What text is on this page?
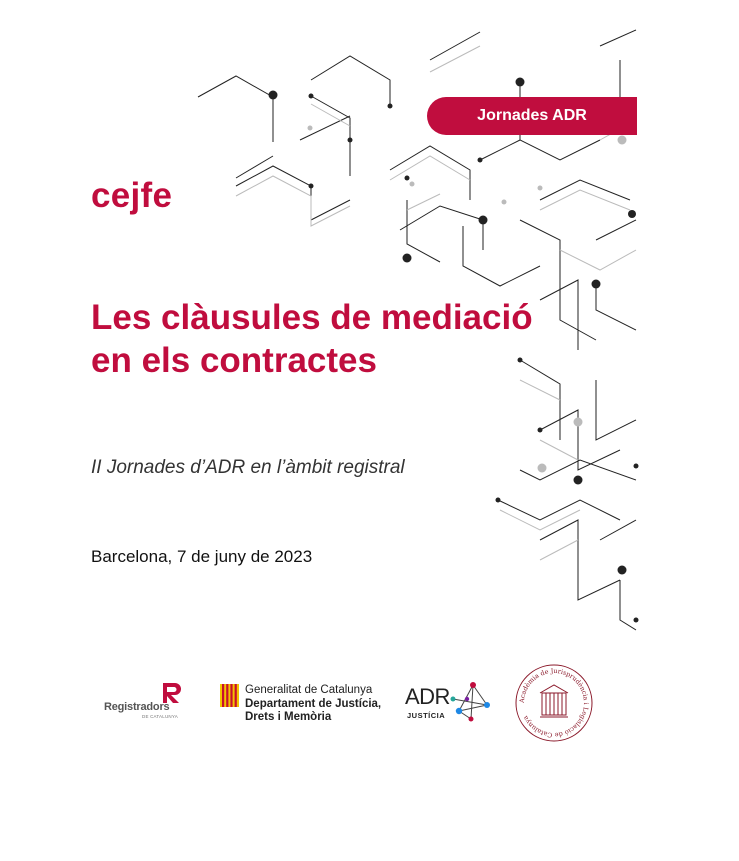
Jornades ADR
cejfe
Les clàusules de mediació
en els contractes
II Jornades d’ADR en l’àmbit registral
Barcelona, 7 de juny de 2023
Registradors
DE CATALUNYA
Generalitat de Catalunya
Departament de Justícia,
Drets i Memòria
ADR
JUSTÍCIA
Acadèmia de Jurisprudència i Legislació de Catalunya
